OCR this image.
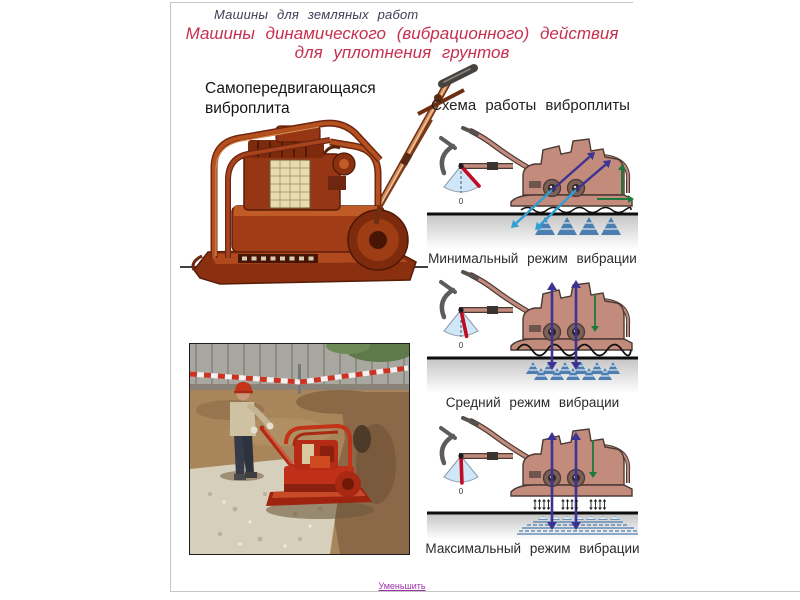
Машины для земляных работ
Машины динамического (вибрационного) действия
для уплотнения грунтов
Самопередвигающаяся
виброплита	Схема работы виброплиты
0
Минимальный режим вибрации
0
Средний режим вибрации
0
Максимальный режим вибрации
Уменьшить
